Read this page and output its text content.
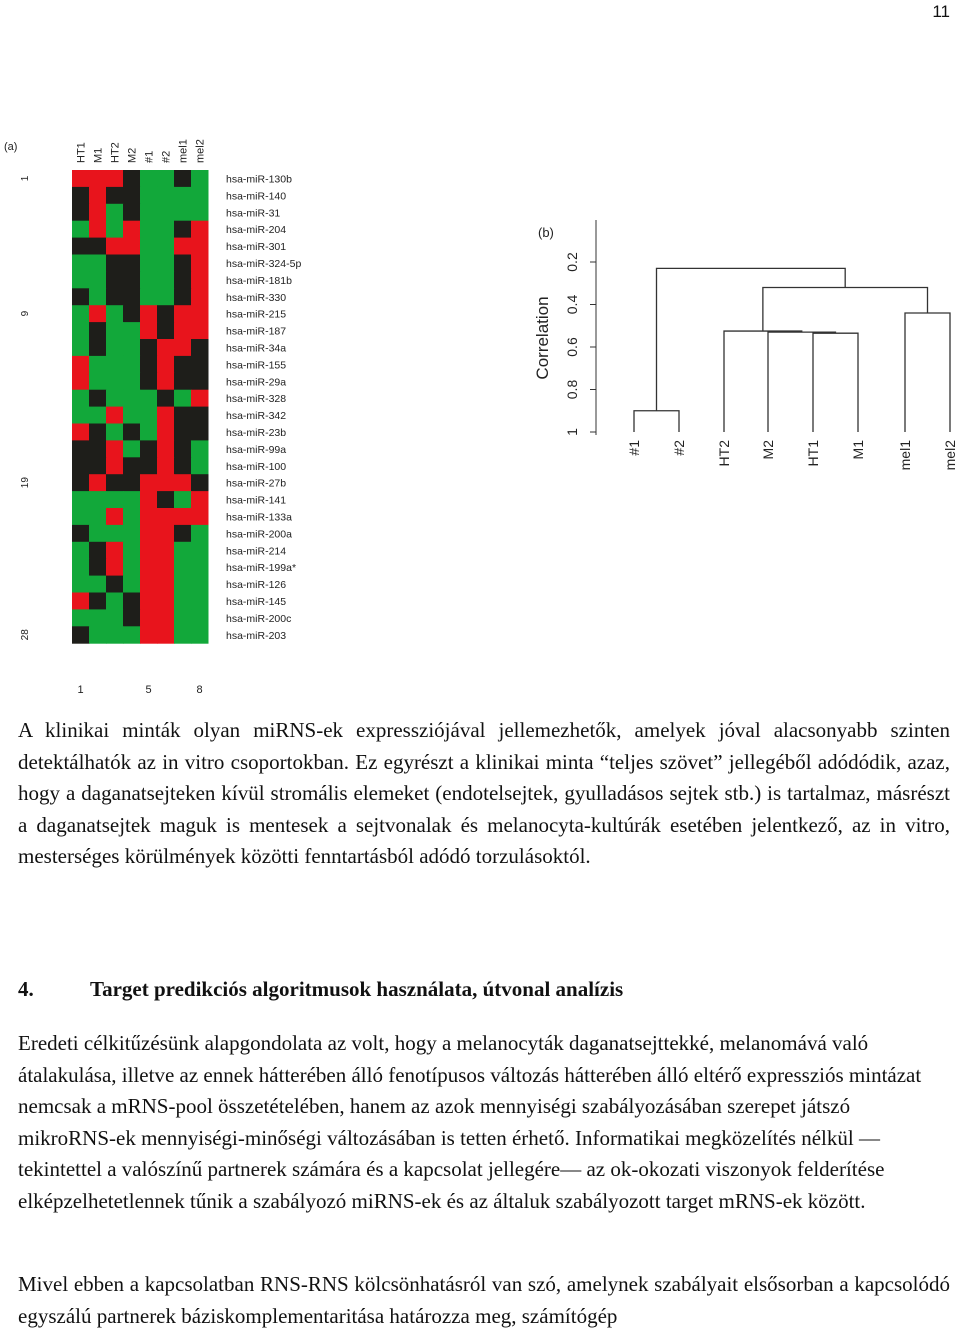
11
(a)	HT1 M1 HT2 M2 #1 #2 mel1 mel2
hsa-miR-130b
hsa-miR-140
hsa-miR-31
hsa-miR-204
hsa-miR-301
hsa-miR-324-5p
hsa-miR-181b
hsa-miR-330
hsa-miR-215
hsa-miR-187
hsa-miR-34a
hsa-miR-155
hsa-miR-29a
hsa-miR-328
hsa-miR-342
hsa-miR-23b
hsa-miR-99a
hsa-miR-100
hsa-miR-27b
hsa-miR-141
hsa-miR-133a
hsa-miR-200a
hsa-miR-214
hsa-miR-199a*
hsa-miR-126
hsa-miR-145
hsa-miR-200c
hsa-miR-203
1
9
19
28
1	5	8
(b)
1
0.8
0.6
0.4
0.2
Correlation
#1 #2 HT2 M2 HT1 M1 mel1 mel2

A klinikai minták olyan miRNS-ek expressziójával jellemezhetők, amelyek jóval alacsonyabb szinten detektálhatók az in vitro csoportokban. Ez egyrészt a klinikai minta “teljes szövet” jellegéből adódódik, azaz, hogy a daganatsejteken kívül stromális elemeket (endotelsejtek, gyulladásos sejtek stb.) is tartalmaz, másrészt a daganatsejtek maguk is mentesek a sejtvonalak és melanocyta-kultúrák esetében jelentkező, az in vitro, mesterséges körülmények közötti fenntartásból adódó torzulásoktól.

4.	Target predikciós algoritmusok használata, útvonal analízis

Eredeti célkitűzésünk alapgondolata az volt, hogy a melanocyták daganatsejttekké, melanomává való átalakulása, illetve az ennek hátterében álló fenotípusos változás hátterében álló eltérő expressziós mintázat nemcsak a mRNS-pool összetételében, hanem az azok mennyiségi szabályozásában szerepet játszó mikroRNS-ek mennyiségi-minőségi változásában is tetten érhető. Informatikai megközelítés nélkül —tekintettel a valószínű partnerek számára és a kapcsolat jellegére— az ok-okozati viszonyok felderítése elképzelhetetlennek tűnik a szabályozó miRNS-ek és az általuk szabályozott target mRNS-ek között.

Mivel ebben a kapcsolatban RNS-RNS kölcsönhatásról van szó, amelynek szabályait elsősorban a kapcsolódó egyszálú partnerek báziskomplementaritása határozza meg, számítógép
